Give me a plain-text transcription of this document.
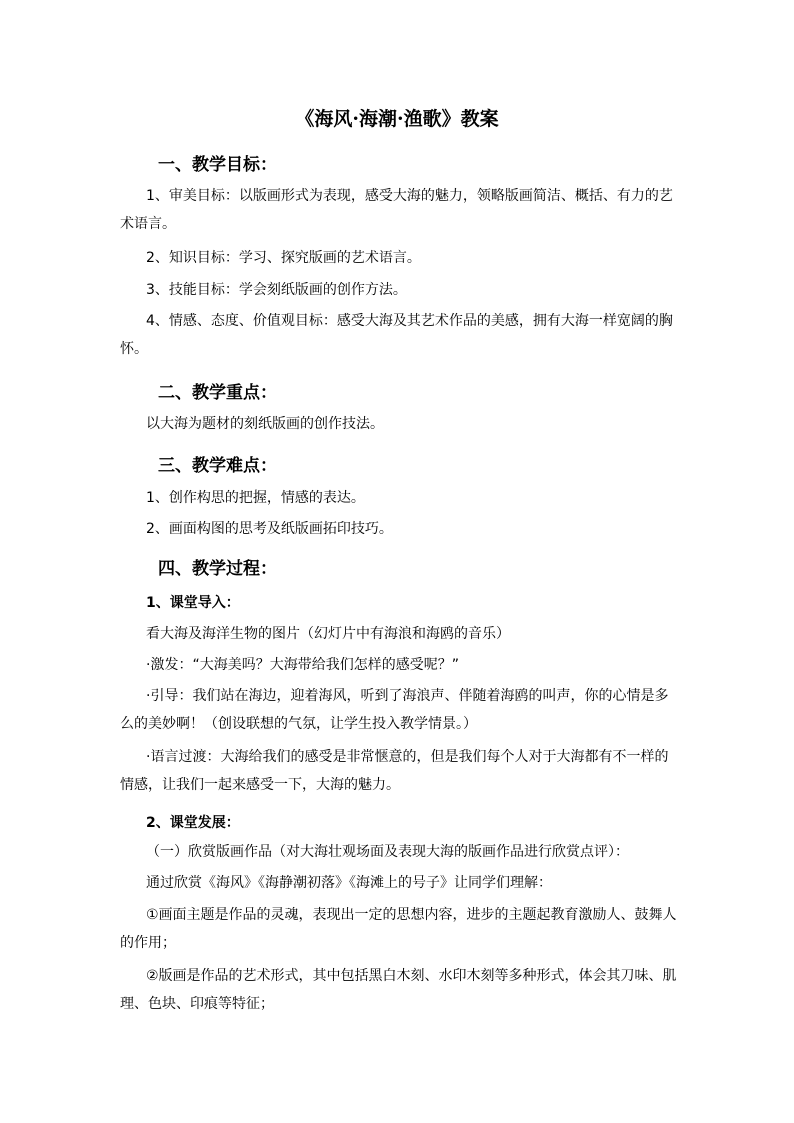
《海风·海潮·渔歌》教案
一、教学目标：
1、审美目标：以版画形式为表现，感受大海的魅力，领略版画简洁、概括、有力的艺术语言。
2、知识目标：学习、探究版画的艺术语言。
3、技能目标：学会刻纸版画的创作方法。
4、情感、态度、价值观目标：感受大海及其艺术作品的美感，拥有大海一样宽阔的胸怀。
二、教学重点：
以大海为题材的刻纸版画的创作技法。
三、教学难点：
1、创作构思的把握，情感的表达。
2、画面构图的思考及纸版画拓印技巧。
四、教学过程：
1、课堂导入：
看大海及海洋生物的图片（幻灯片中有海浪和海鸥的音乐）
·激发：“大海美吗？大海带给我们怎样的感受呢？”
·引导：我们站在海边，迎着海风，听到了海浪声、伴随着海鸥的叫声，你的心情是多么的美妙啊！（创设联想的气氛，让学生投入教学情景。）
·语言过渡：大海给我们的感受是非常惬意的，但是我们每个人对于大海都有不一样的情感，让我们一起来感受一下，大海的魅力。
2、课堂发展：
（一）欣赏版画作品（对大海壮观场面及表现大海的版画作品进行欣赏点评）：
通过欣赏《海风》《海静潮初落》《海滩上的号子》让同学们理解：
①画面主题是作品的灵魂，表现出一定的思想内容，进步的主题起教育激励人、鼓舞人的作用；
②版画是作品的艺术形式，其中包括黑白木刻、水印木刻等多种形式，体会其刀味、肌理、色块、印痕等特征；
